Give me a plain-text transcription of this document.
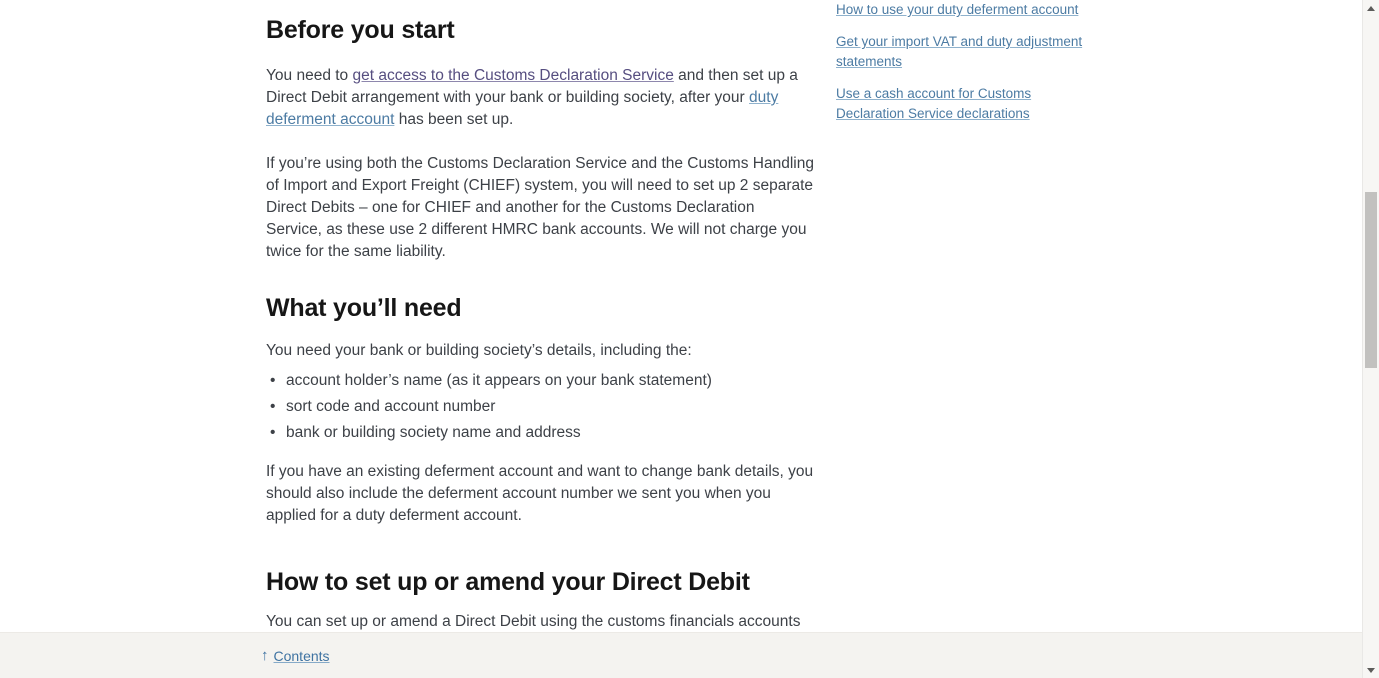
Before you start

You need to get access to the Customs Declaration Service and then set up a Direct Debit arrangement with your bank or building society, after your duty deferment account has been set up.

If you’re using both the Customs Declaration Service and the Customs Handling of Import and Export Freight (CHIEF) system, you will need to set up 2 separate Direct Debits – one for CHIEF and another for the Customs Declaration Service, as these use 2 different HMRC bank accounts. We will not charge you twice for the same liability.

What you’ll need

You need your bank or building society’s details, including the:

• account holder’s name (as it appears on your bank statement)
• sort code and account number
• bank or building society name and address

If you have an existing deferment account and want to change bank details, you should also include the deferment account number we sent you when you applied for a duty deferment account.

How to set up or amend your Direct Debit

You can set up or amend a Direct Debit using the customs financials accounts

How to use your duty deferment account
Get your import VAT and duty adjustment statements
Use a cash account for Customs Declaration Service declarations
↑ Contents
